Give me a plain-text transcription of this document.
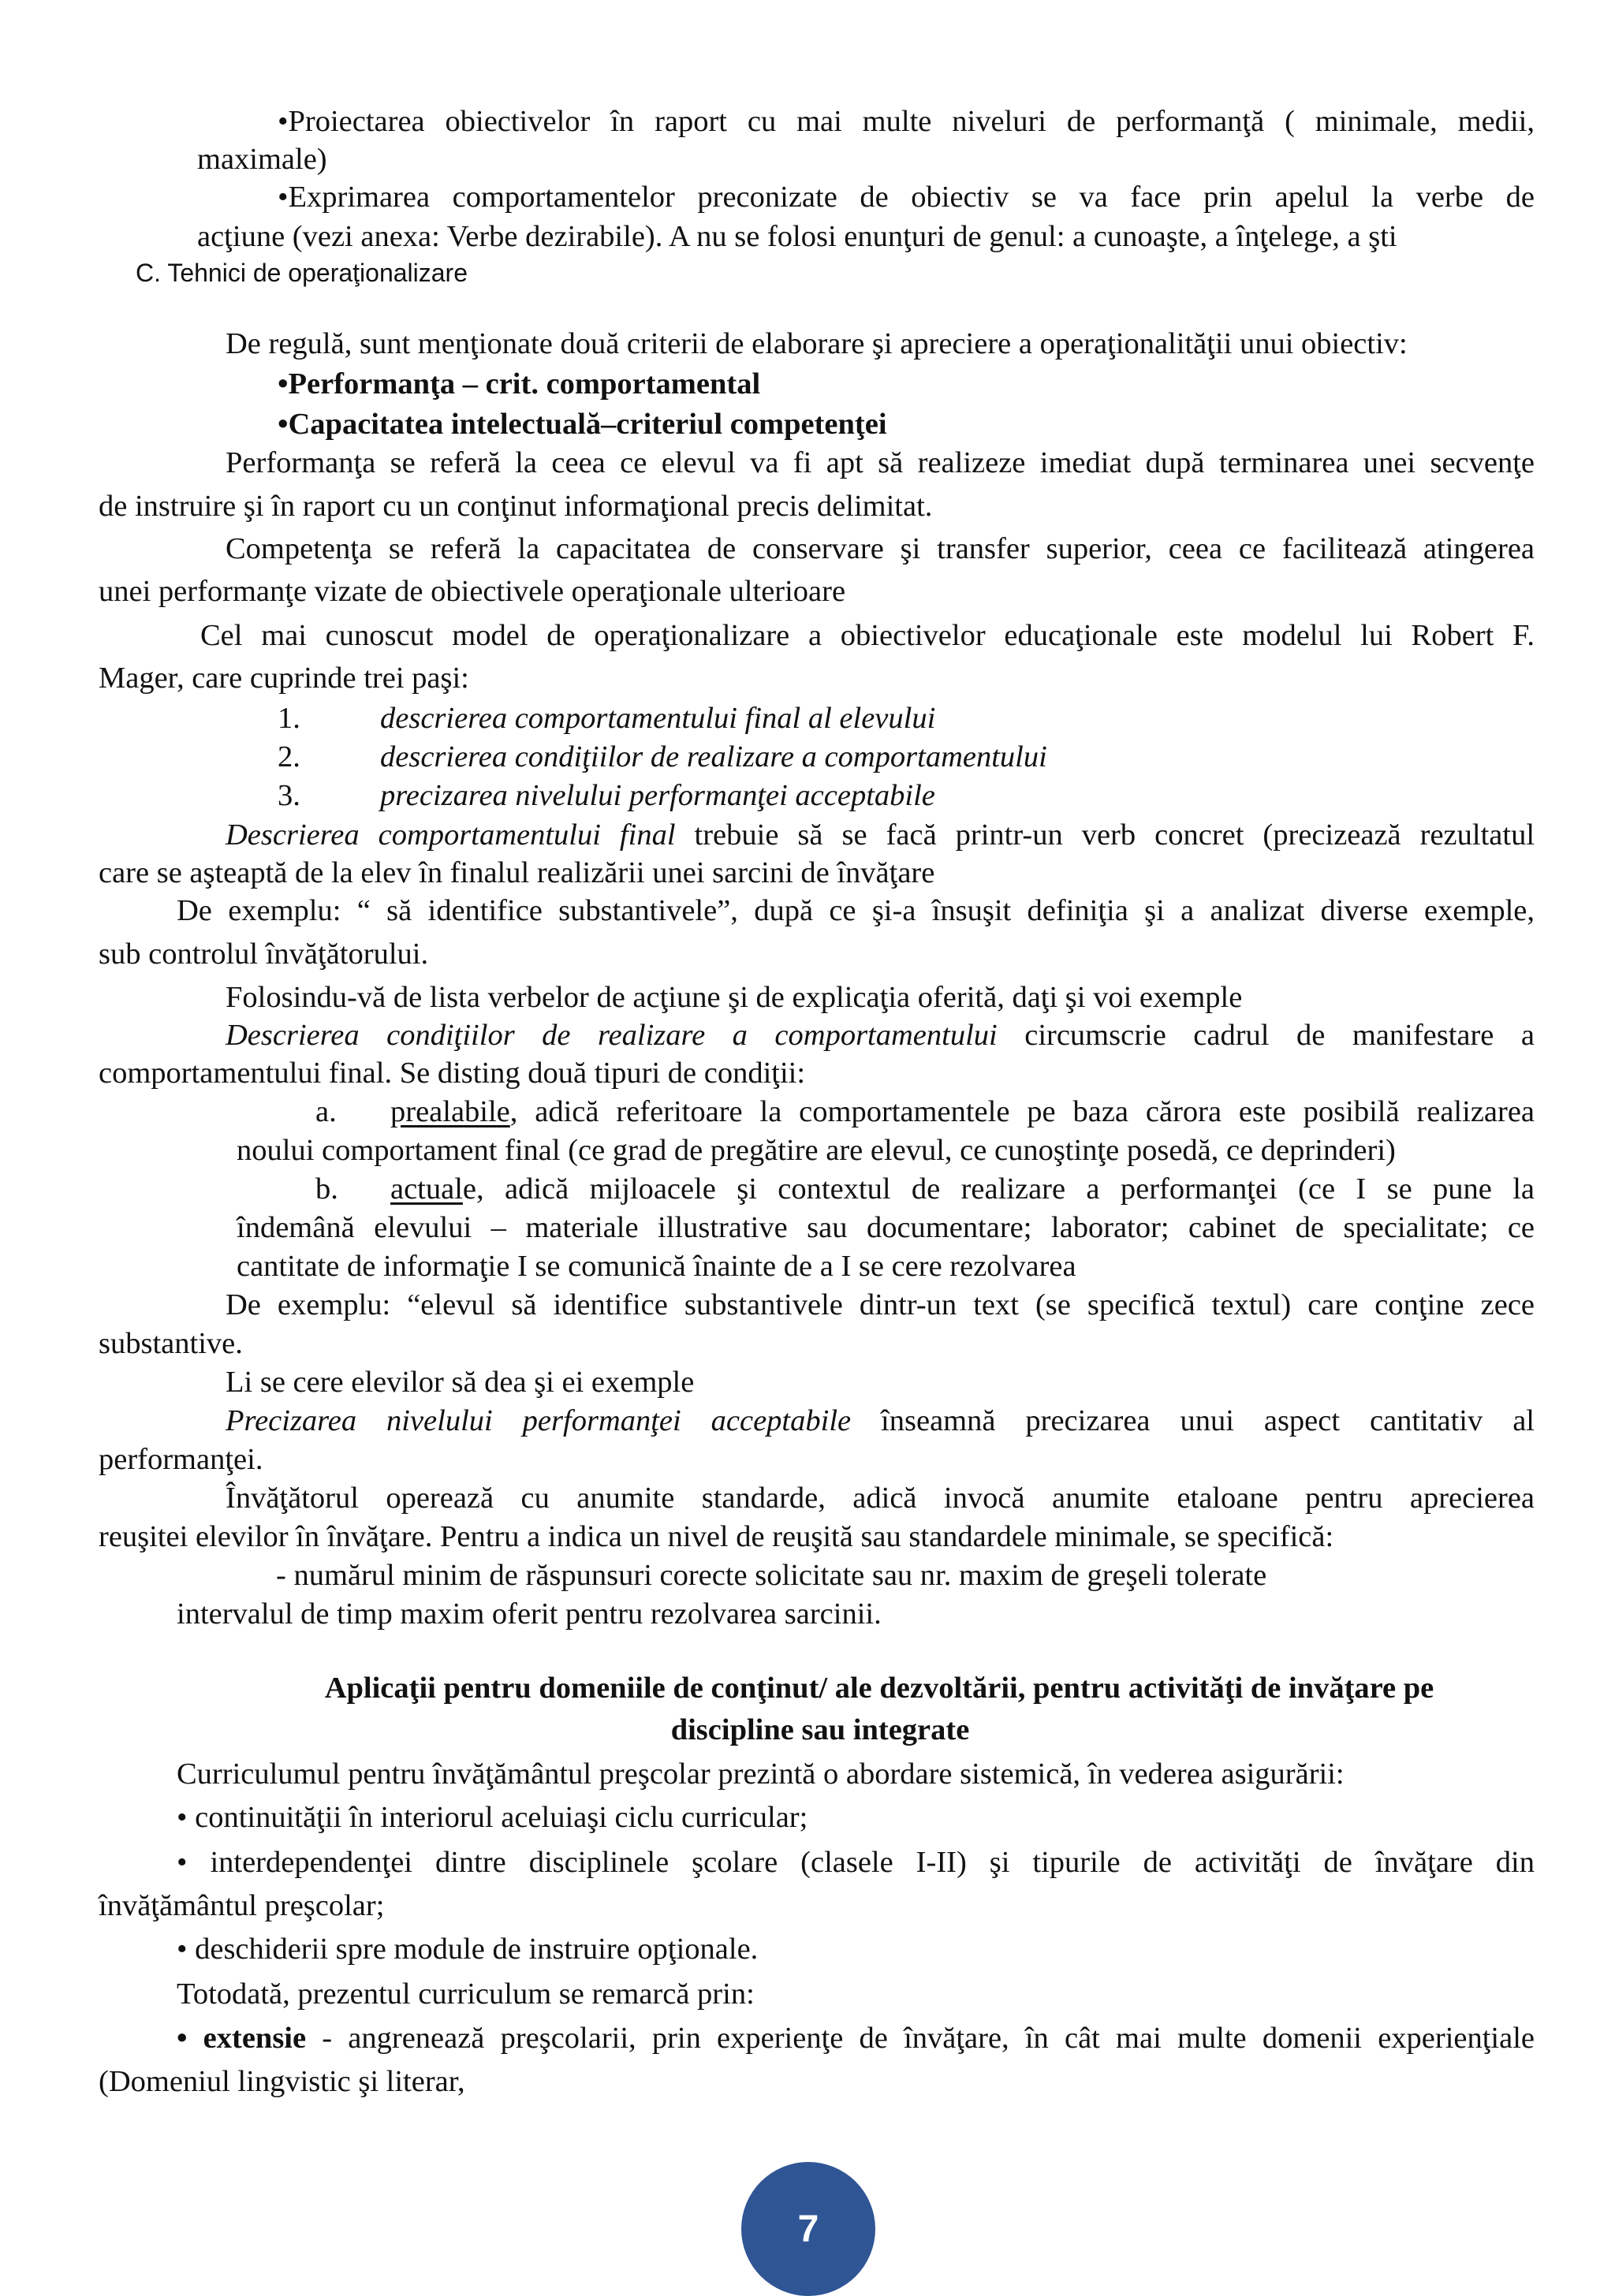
•Proiectarea obiectivelor în raport cu mai multe niveluri de performanţă ( minimale, medii,
maximale)
•Exprimarea comportamentelor preconizate de obiectiv se va face prin apelul la verbe de
acţiune (vezi anexa: Verbe dezirabile). A nu se folosi enunţuri de genul: a cunoaşte, a înţelege, a şti
C. Tehnici de operaţionalizare
De regulă, sunt menţionate două criterii de elaborare şi apreciere a operaţionalităţii unui obiectiv:
•Performanţa – crit. comportamental
•Capacitatea intelectuală–criteriul competenţei
Performanţa se referă la ceea ce elevul va fi apt să realizeze imediat după terminarea unei secvenţe
de instruire şi în raport cu un conţinut informaţional precis delimitat.
Competenţa se referă la capacitatea de conservare şi transfer superior, ceea ce facilitează atingerea
unei performanţe vizate de obiectivele operaţionale ulterioare
Cel mai cunoscut model de operaţionalizare a obiectivelor educaţionale este modelul lui Robert F.
Mager, care cuprinde trei paşi:
1.	descrierea comportamentului final al elevului
2.	descrierea condiţiilor de realizare a comportamentului
3.	precizarea nivelului performanţei acceptabile
Descrierea comportamentului final trebuie să se facă printr-un verb concret (precizează rezultatul
care se aşteaptă de la elev în finalul realizării unei sarcini de învăţare
De exemplu: “ să identifice substantivele”, după ce şi-a însuşit definiţia şi a analizat diverse exemple,
sub controlul învăţătorului.
Folosindu-vă de lista verbelor de acţiune şi de explicaţia oferită, daţi şi voi exemple
Descrierea condiţiilor de realizare a comportamentului circumscrie cadrul de manifestare a
comportamentului final. Se disting două tipuri de condiţii:
a. prealabile, adică referitoare la comportamentele pe baza cărora este posibilă realizarea
noului comportament final (ce grad de pregătire are elevul, ce cunoştinţe posedă, ce deprinderi)
b. actuale, adică mijloacele şi contextul de realizare a performanţei (ce I se pune la
îndemână elevului – materiale illustrative sau documentare; laborator; cabinet de specialitate; ce
cantitate de informaţie I se comunică înainte de a I se cere rezolvarea
De exemplu: “elevul să identifice substantivele dintr-un text (se specifică textul) care conţine zece
substantive.
Li se cere elevilor să dea şi ei exemple
Precizarea nivelului performanţei acceptabile înseamnă precizarea unui aspect cantitativ al
performanţei.
Învăţătorul operează cu anumite standarde, adică invocă anumite etaloane pentru aprecierea
reuşitei elevilor în învăţare. Pentru a indica un nivel de reuşită sau standardele minimale, se specifică:
- numărul minim de răspunsuri corecte solicitate sau nr. maxim de greşeli tolerate
intervalul de timp maxim oferit pentru rezolvarea sarcinii.
Aplicaţii pentru domeniile de conţinut/ ale dezvoltării, pentru activităţi de invăţare pe
discipline sau integrate
Curriculumul pentru învăţământul preşcolar prezintă o abordare sistemică, în vederea asigurării:
• continuităţii în interiorul aceluiaşi ciclu curricular;
• interdependenţei dintre disciplinele şcolare (clasele I-II) şi tipurile de activităţi de învăţare din
învăţământul preşcolar;
• deschiderii spre module de instruire opţionale.
Totodată, prezentul curriculum se remarcă prin:
• extensie - angrenează preşcolarii, prin experienţe de învăţare, în cât mai multe domenii experienţiale
(Domeniul lingvistic şi literar,
7
